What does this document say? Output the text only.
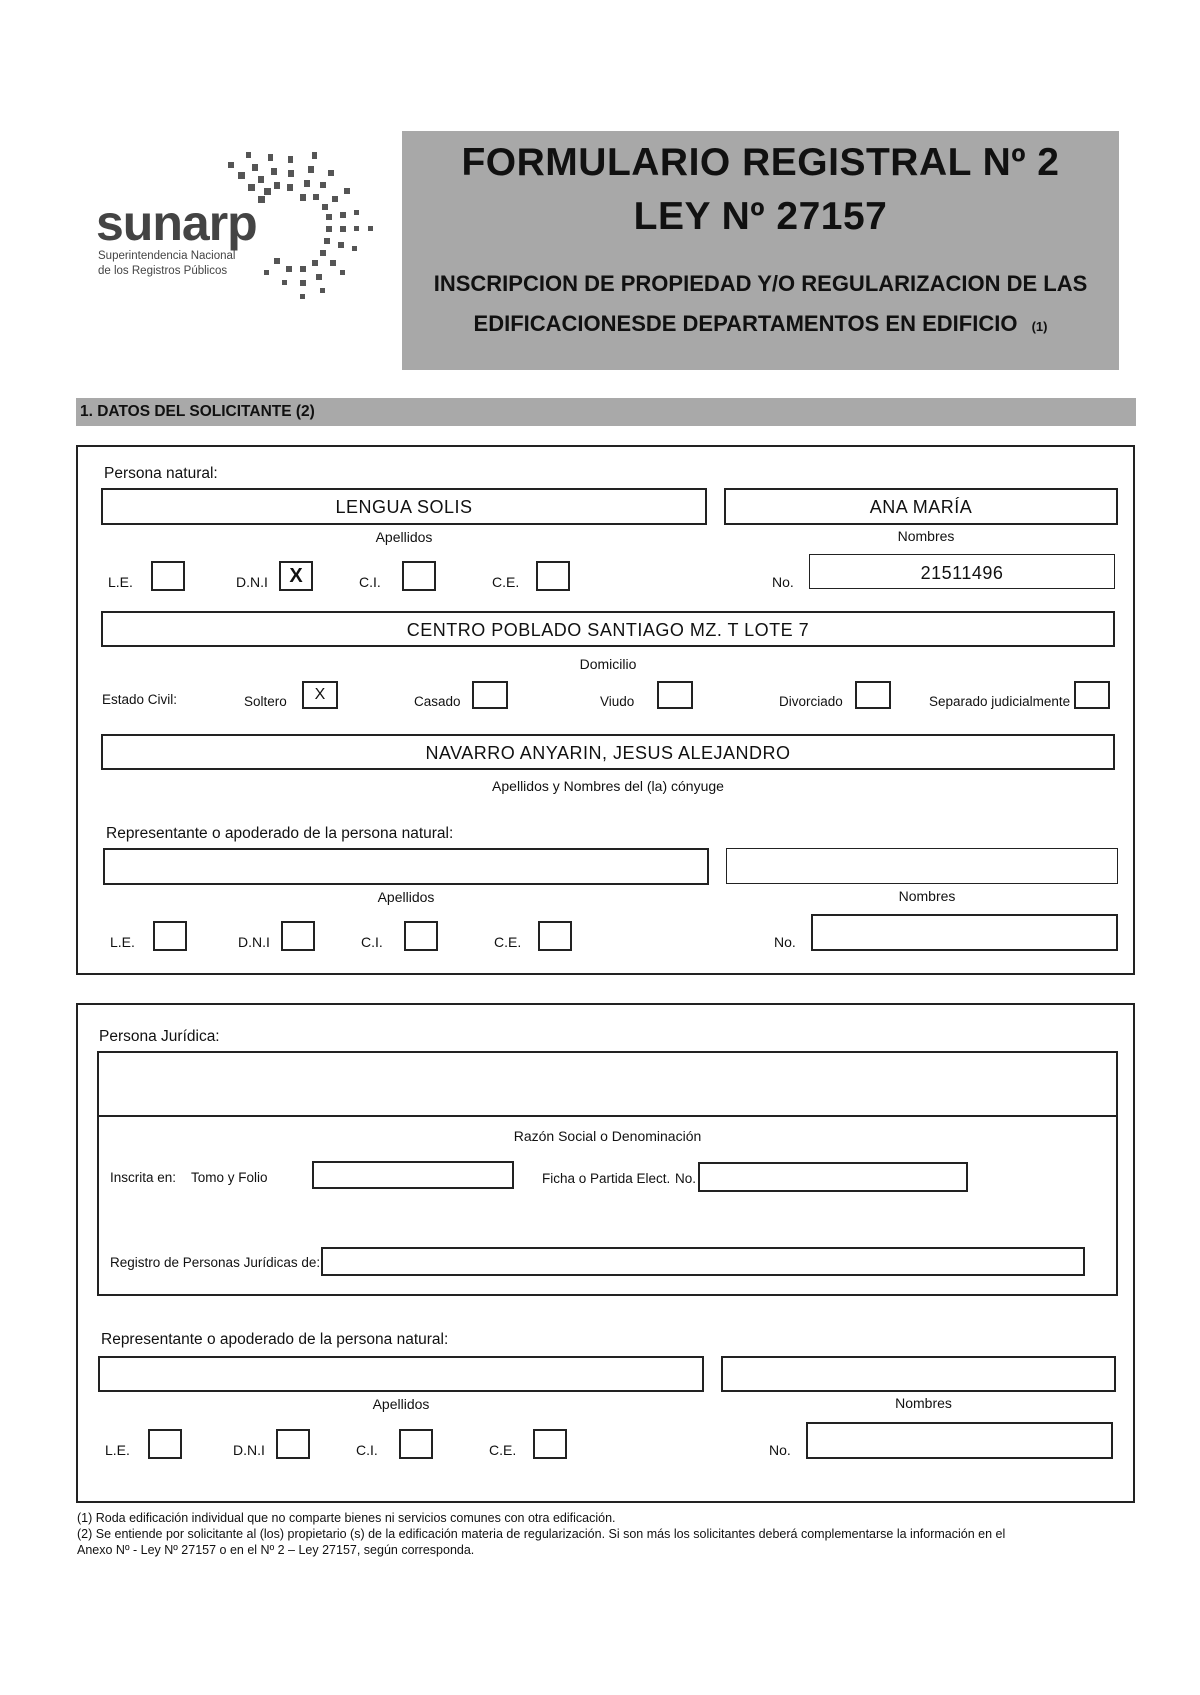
sunarp
Superintendencia Nacional
de los Registros Públicos
FORMULARIO REGISTRAL Nº 2
LEY Nº 27157
INSCRIPCION DE PROPIEDAD Y/O REGULARIZACION DE LAS
EDIFICACIONESDE DEPARTAMENTOS EN EDIFICIO (1)
1. DATOS DEL SOLICITANTE (2)
Persona natural:
LENGUA SOLIS
Apellidos
ANA MARÍA
Nombres
L.E.	D.N.I X	C.I.	C.E.	No.	21511496
CENTRO POBLADO SANTIAGO MZ. T LOTE 7
Domicilio
Estado Civil:	Soltero X	Casado	Viudo	Divorciado	Separado judicialmente
NAVARRO ANYARIN, JESUS ALEJANDRO
Apellidos y Nombres del (la) cónyuge
Representante o apoderado de la persona natural:
Apellidos	Nombres
L.E.	D.N.I	C.I.	C.E.	No.
Persona Jurídica:
Razón Social o Denominación
Inscrita en: Tomo y Folio	Ficha o Partida Elect. No.
Registro de Personas Jurídicas de:
Representante o apoderado de la persona natural:
Apellidos	Nombres
L.E.	D.N.I	C.I.	C.E.	No.
(1) Roda edificación individual que no comparte bienes ni servicios comunes con otra edificación.
(2) Se entiende por solicitante al (los) propietario (s) de la edificación materia de regularización. Si son más los solicitantes deberá complementarse la información en el
Anexo Nº - Ley Nº 27157 o en el Nº 2 – Ley 27157, según corresponda.
